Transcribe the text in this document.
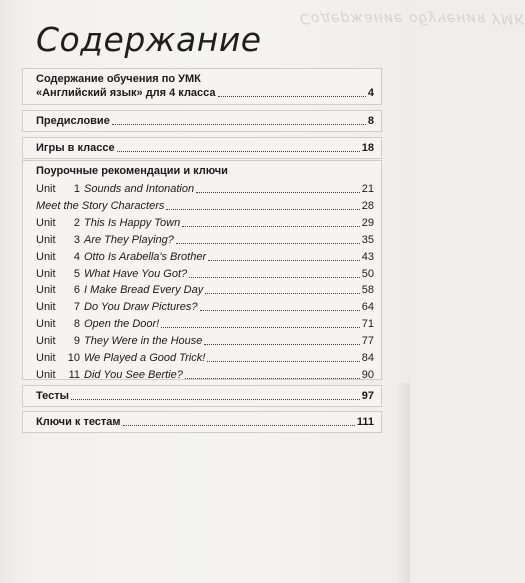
Содержание обучения УМК
Содержание
Содержание обучения по УМК
«Английский язык» для 4 класса	4
Предисловие	8
Игры в классе	18
Поурочные рекомендации и ключи
Unit 1 Sounds and Intonation	21
Meet the Story Characters	28
Unit 2 This Is Happy Town	29
Unit 3 Are They Playing?	35
Unit 4 Otto Is Arabella's Brother	43
Unit 5 What Have You Got?	50
Unit 6 I Make Bread Every Day	58
Unit 7 Do You Draw Pictures?	64
Unit 8 Open the Door!	71
Unit 9 They Were in the House	77
Unit 10 We Played a Good Trick!	84
Unit 11 Did You See Bertie?	90
Тесты	97
Ключи к тестам	111
